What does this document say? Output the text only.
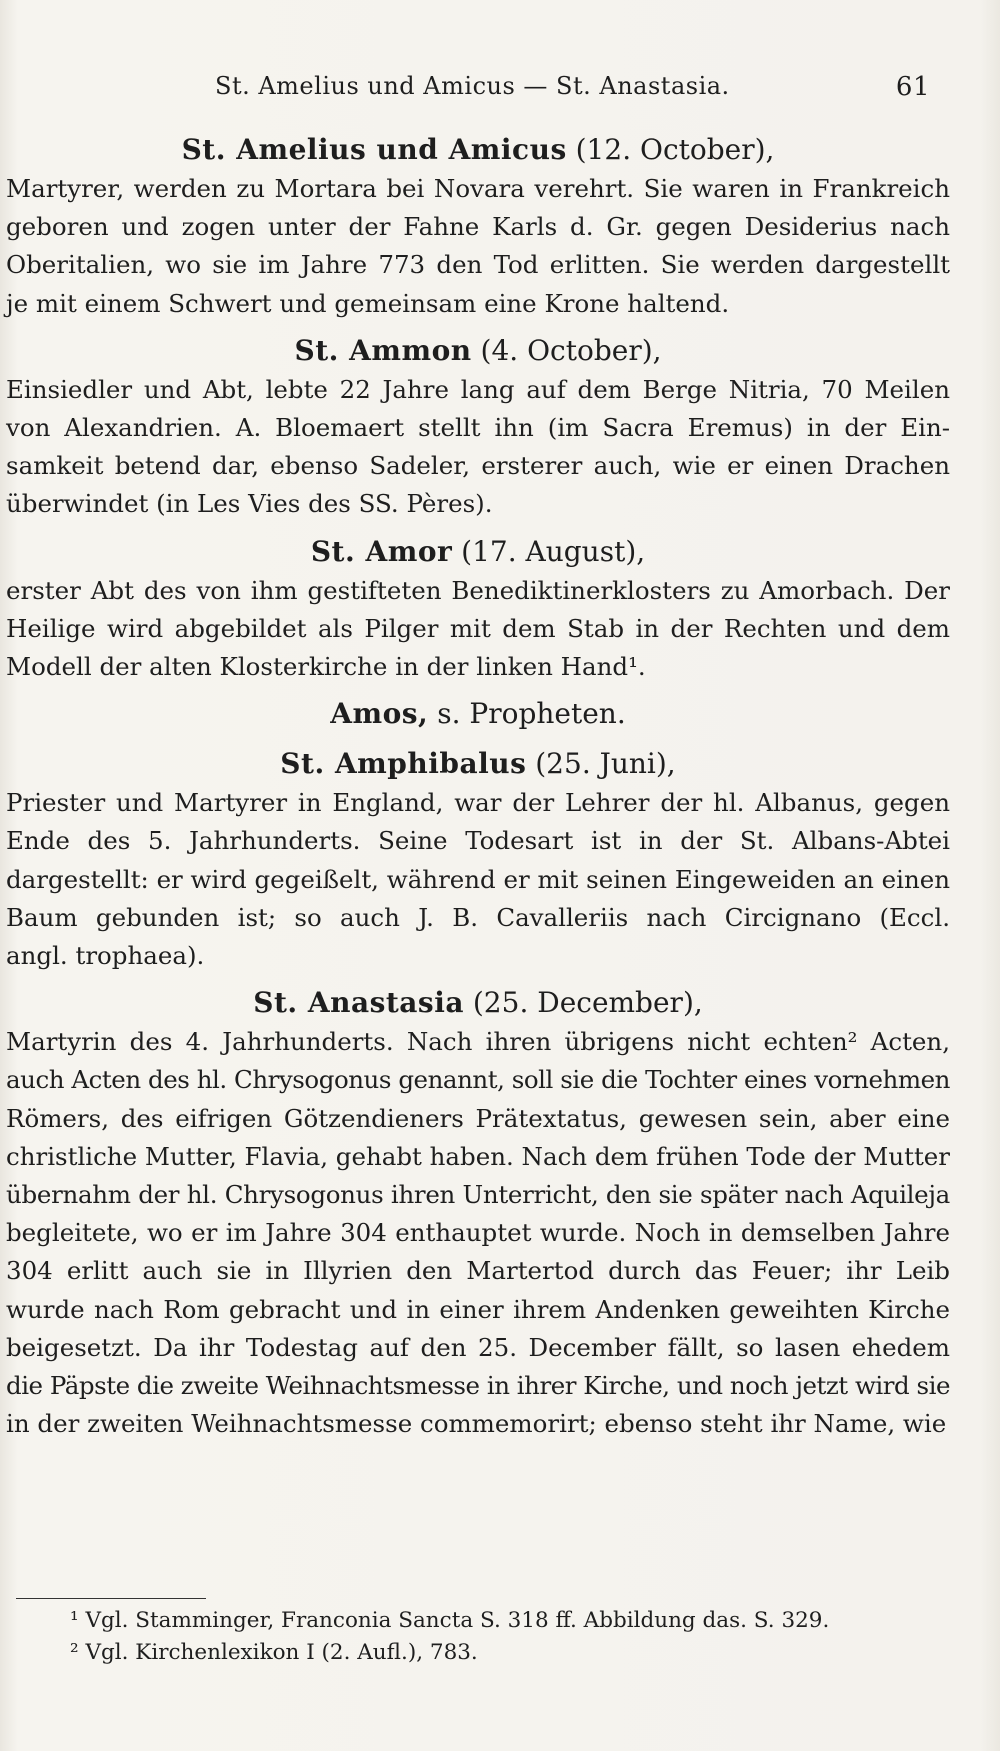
St. Amelius und Amicus — St. Anastasia.	61

St. Amelius und Amicus (12. October),

Martyrer, werden zu Mortara bei Novara verehrt. Sie waren in Frankreich
geboren und zogen unter der Fahne Karls d. Gr. gegen Desiderius nach
Oberitalien, wo sie im Jahre 773 den Tod erlitten. Sie werden dargestellt
je mit einem Schwert und gemeinsam eine Krone haltend.

St. Ammon (4. October),

Einsiedler und Abt, lebte 22 Jahre lang auf dem Berge Nitria, 70 Meilen
von Alexandrien. A. Bloemaert stellt ihn (im Sacra Eremus) in der Ein-
samkeit betend dar, ebenso Sadeler, ersterer auch, wie er einen Drachen
überwindet (in Les Vies des SS. Pères).

St. Amor (17. August),

erster Abt des von ihm gestifteten Benediktinerklosters zu Amorbach. Der
Heilige wird abgebildet als Pilger mit dem Stab in der Rechten und dem
Modell der alten Klosterkirche in der linken Hand¹.

Amos, s. Propheten.

St. Amphibalus (25. Juni),

Priester und Martyrer in England, war der Lehrer der hl. Albanus, gegen
Ende des 5. Jahrhunderts. Seine Todesart ist in der St. Albans-Abtei
dargestellt: er wird gegeißelt, während er mit seinen Eingeweiden an einen
Baum gebunden ist; so auch J. B. Cavalleriis nach Circignano (Eccl.
angl. trophaea).

St. Anastasia (25. December),

Martyrin des 4. Jahrhunderts. Nach ihren übrigens nicht echten² Acten,
auch Acten des hl. Chrysogonus genannt, soll sie die Tochter eines vornehmen
Römers, des eifrigen Götzendieners Prätextatus, gewesen sein, aber eine
christliche Mutter, Flavia, gehabt haben. Nach dem frühen Tode der Mutter
übernahm der hl. Chrysogonus ihren Unterricht, den sie später nach Aquileja
begleitete, wo er im Jahre 304 enthauptet wurde. Noch in demselben Jahre
304 erlitt auch sie in Illyrien den Martertod durch das Feuer; ihr Leib
wurde nach Rom gebracht und in einer ihrem Andenken geweihten Kirche
beigesetzt. Da ihr Todestag auf den 25. December fällt, so lasen ehedem
die Päpste die zweite Weihnachtsmesse in ihrer Kirche, und noch jetzt wird sie
in der zweiten Weihnachtsmesse commemorirt; ebenso steht ihr Name, wie
¹ Vgl. Stamminger, Franconia Sancta S. 318 ff. Abbildung das. S. 329.
² Vgl. Kirchenlexikon I (2. Aufl.), 783.
